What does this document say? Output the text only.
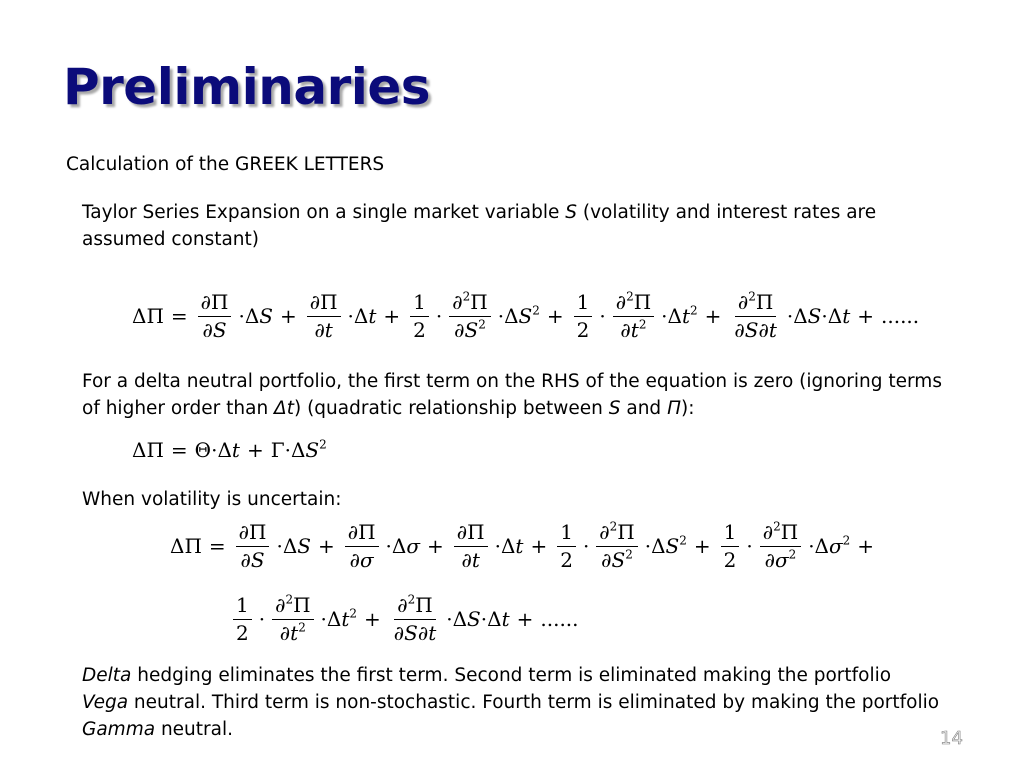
Preliminaries

Calculation of the GREEK LETTERS

Taylor Series Expansion on a single market variable S (volatility and interest rates are assumed constant)

$\Delta\Pi = \frac{\partial\Pi}{\partial S} \cdot\Delta S + \frac{\partial\Pi}{\partial t} \cdot\Delta t + \frac{1}{2} \cdot \frac{\partial^2\Pi}{\partial S^2} \cdot\Delta S^2 + \frac{1}{2} \cdot \frac{\partial^2\Pi}{\partial t^2} \cdot\Delta t^2 + \frac{\partial^2\Pi}{\partial S\partial t} \cdot\Delta S\cdot\Delta t$ + ......

For a delta neutral portfolio, the first term on the RHS of the equation is zero (ignoring terms of higher order than Δt) (quadratic relationship between S and Π):

$\Delta\Pi = \Theta\cdot\Delta t + \Gamma\cdot\Delta S^2$

When volatility is uncertain:

$\Delta\Pi = \frac{\partial\Pi}{\partial S} \cdot\Delta S + \frac{\partial\Pi}{\partial\sigma} \cdot\Delta\sigma + \frac{\partial\Pi}{\partial t} \cdot\Delta t + \frac{1}{2} \cdot \frac{\partial^2\Pi}{\partial S^2} \cdot\Delta S^2 + \frac{1}{2} \cdot \frac{\partial^2\Pi}{\partial\sigma^2} \cdot\Delta\sigma^2$ +
$\frac{1}{2} \cdot \frac{\partial^2\Pi}{\partial t^2} \cdot\Delta t^2 + \frac{\partial^2\Pi}{\partial S\partial t} \cdot\Delta S\cdot\Delta t$ + ......

Delta hedging eliminates the first term. Second term is eliminated making the portfolio Vega neutral. Third term is non-stochastic. Fourth term is eliminated by making the portfolio Gamma neutral.	14
